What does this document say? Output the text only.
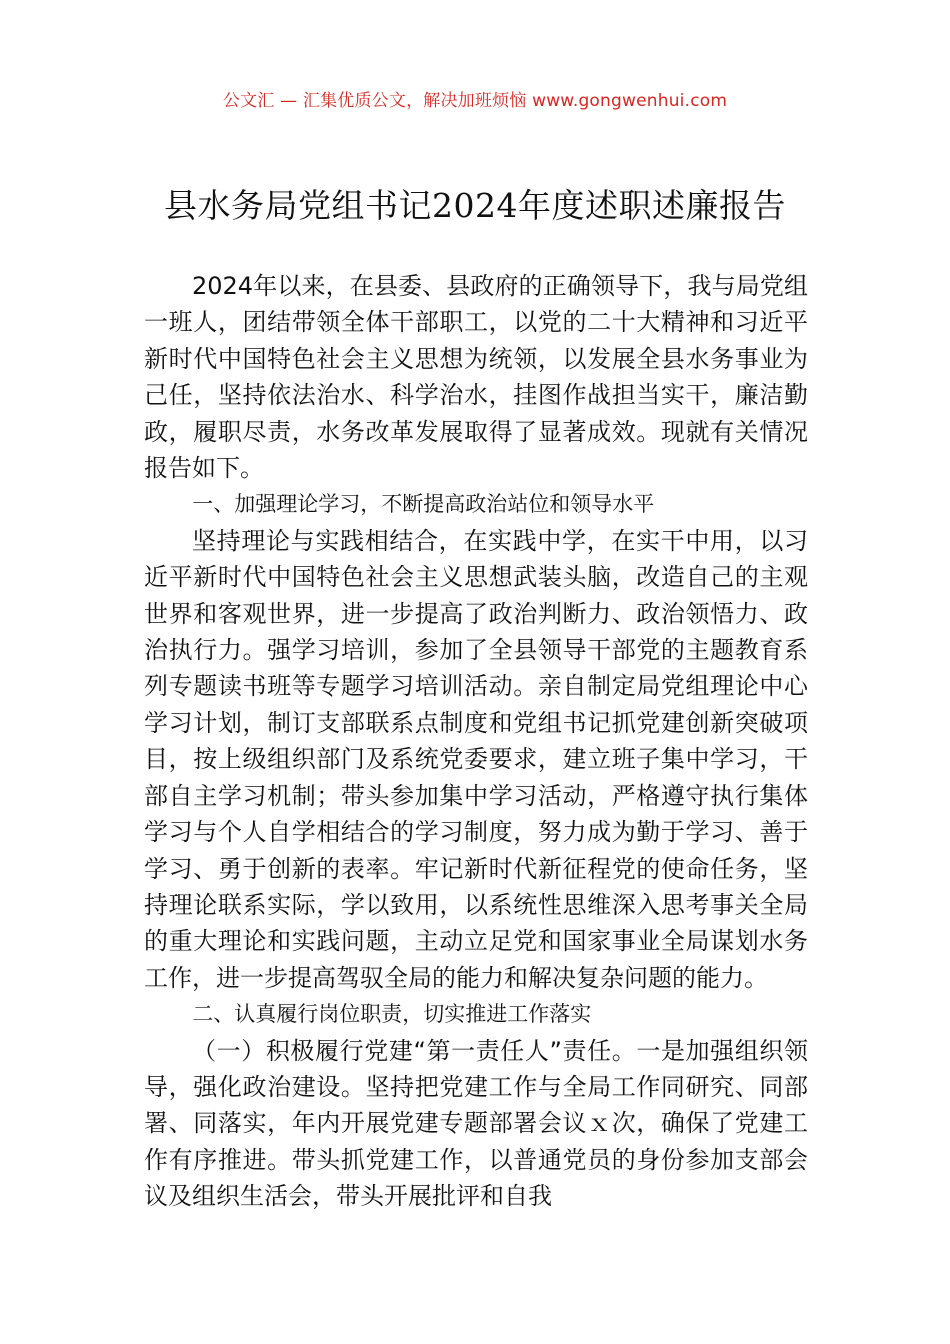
公文汇 — 汇集优质公文，解决加班烦恼 www.gongwenhui.com
县水务局党组书记2024年度述职述廉报告

2024年以来，在县委、县政府的正确领导下，我与局党组一班人，团结带领全体干部职工，以党的二十大精神和习近平新时代中国特色社会主义思想为统领，以发展全县水务事业为己任，坚持依法治水、科学治水，挂图作战担当实干，廉洁勤政，履职尽责，水务改革发展取得了显著成效。现就有关情况报告如下。

一、加强理论学习，不断提高政治站位和领导水平

坚持理论与实践相结合，在实践中学，在实干中用，以习近平新时代中国特色社会主义思想武装头脑，改造自己的主观世界和客观世界，进一步提高了政治判断力、政治领悟力、政治执行力。强学习培训，参加了全县领导干部党的主题教育系列专题读书班等专题学习培训活动。亲自制定局党组理论中心学习计划，制订支部联系点制度和党组书记抓党建创新突破项目，按上级组织部门及系统党委要求，建立班子集中学习，干部自主学习机制；带头参加集中学习活动，严格遵守执行集体学习与个人自学相结合的学习制度，努力成为勤于学习、善于学习、勇于创新的表率。牢记新时代新征程党的使命任务，坚持理论联系实际，学以致用，以系统性思维深入思考事关全局的重大理论和实践问题，主动立足党和国家事业全局谋划水务工作，进一步提高驾驭全局的能力和解决复杂问题的能力。

二、认真履行岗位职责，切实推进工作落实

（一）积极履行党建“第一责任人”责任。一是加强组织领导，强化政治建设。坚持把党建工作与全局工作同研究、同部署、同落实，年内开展党建专题部署会议ｘ次，确保了党建工作有序推进。带头抓党建工作，以普通党员的身份参加支部会议及组织生活会，带头开展批评和自我
